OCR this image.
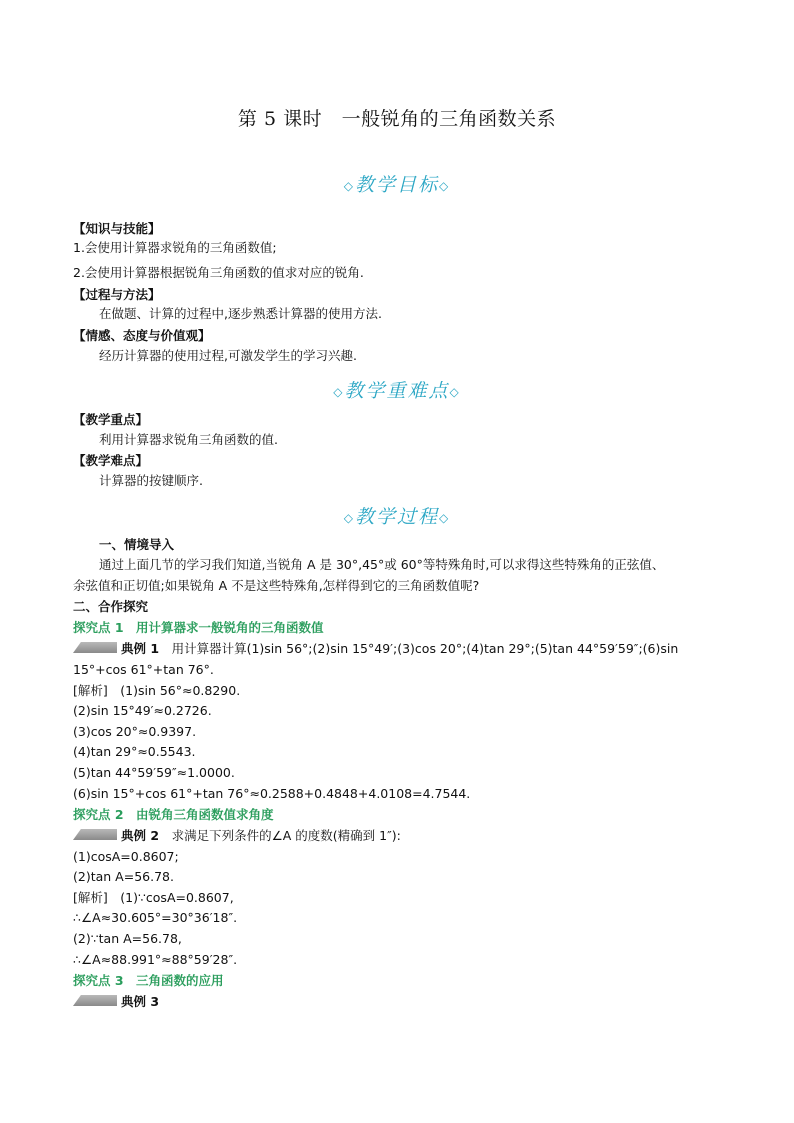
第 5 课时　一般锐角的三角函数关系
◇教学目标◇
【知识与技能】
1.会使用计算器求锐角的三角函数值;
2.会使用计算器根据锐角三角函数的值求对应的锐角.
【过程与方法】
在做题、计算的过程中,逐步熟悉计算器的使用方法.
【情感、态度与价值观】
经历计算器的使用过程,可激发学生的学习兴趣.
◇教学重难点◇
【教学重点】
利用计算器求锐角三角函数的值.
【教学难点】
计算器的按键顺序.
◇教学过程◇
一、情境导入
通过上面几节的学习我们知道,当锐角 A 是 30°,45°或 60°等特殊角时,可以求得这些特殊角的正弦值、
余弦值和正切值;如果锐角 A 不是这些特殊角,怎样得到它的三角函数值呢?
二、合作探究
探究点 1　用计算器求一般锐角的三角函数值
典例 1　用计算器计算(1)sin 56°;(2)sin 15°49′;(3)cos 20°;(4)tan 29°;(5)tan 44°59′59″;(6)sin
15°+cos 61°+tan 76°.
[解析]　(1)sin 56°≈0.8290.
(2)sin 15°49′≈0.2726.
(3)cos 20°≈0.9397.
(4)tan 29°≈0.5543.
(5)tan 44°59′59″≈1.0000.
(6)sin 15°+cos 61°+tan 76°≈0.2588+0.4848+4.0108=4.7544.
探究点 2　由锐角三角函数值求角度
典例 2　求满足下列条件的∠A 的度数(精确到 1″):
(1)cosA=0.8607;
(2)tan A=56.78.
[解析]　(1)∵cosA=0.8607,
∴∠A≈30.605°=30°36′18″.
(2)∵tan A=56.78,
∴∠A≈88.991°≈88°59′28″.
探究点 3　三角函数的应用
典例 3
